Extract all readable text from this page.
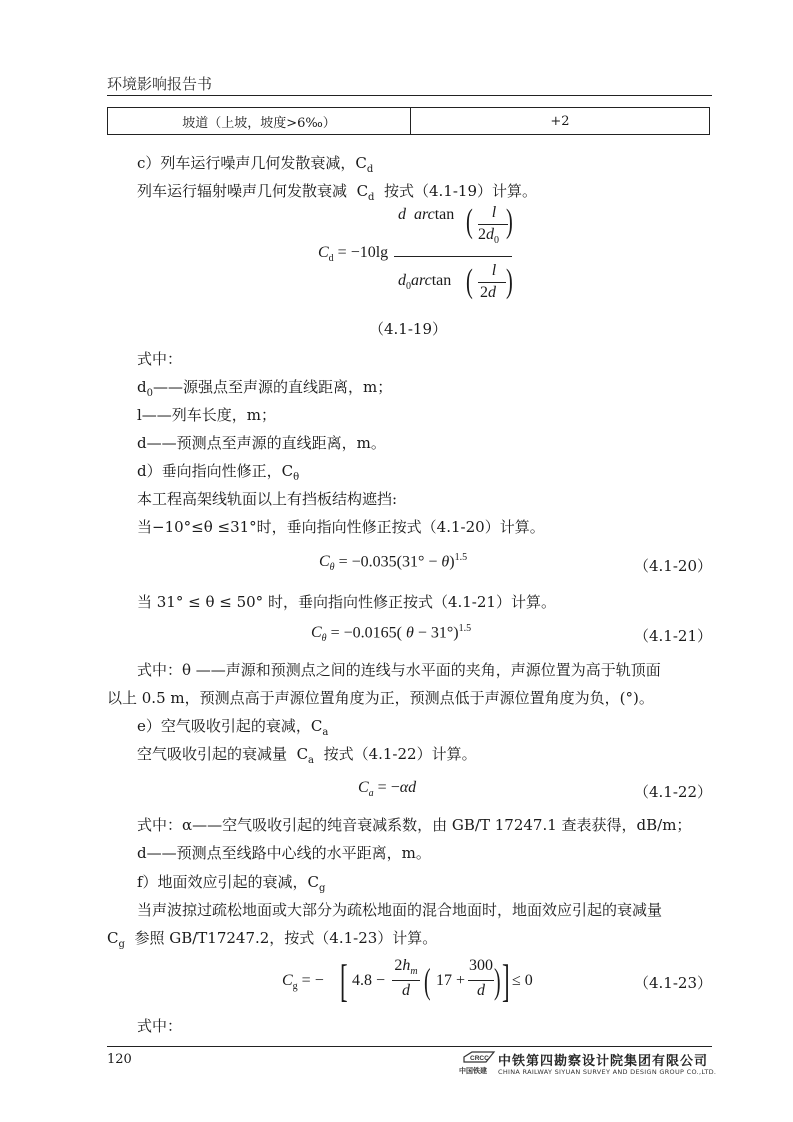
环境影响报告书
坡道（上坡，坡度>6‰）	+2
c）列车运行噪声几何发散衰减，$C_d$
列车运行辐射噪声几何发散衰减 $C_d$ 按式（4.1-19）计算。
$C_d = -10\lg$
d arctan (	l
$2d_0$
)
$d_0\arctan$ (	l
2d )
（4.1-19）
式中：
$d_0——$源强点至声源的直线距离，m；
l——列车长度，m；
d——预测点至声源的直线距离，m。
d）垂向指向性修正，$C_\theta$
本工程高架线轨面以上有挡板结构遮挡:
当−10°≤θ ≤31°时，垂向指向性修正按式（4.1-20）计算。
$C_\theta = -0.035(31^\circ - \theta)^{1.5}$	（4.1-20）
当 31° ≤ θ ≤ 50° 时，垂向指向性修正按式（4.1-21）计算。
$C_\theta = -0.0165$( θ − 31°)$^{1.5}$	（4.1-21）
式中：θ ——声源和预测点之间的连线与水平面的夹角，声源位置为高于轨顶面
以上 0.5 m，预测点高于声源位置角度为正，预测点低于声源位置角度为负，(°)。
e）空气吸收引起的衰减，$C_a$
空气吸收引起的衰减量 $C_a$ 按式（4.1-22）计算。
$C_a = -\alpha d$	（4.1-22）
式中：α——空气吸收引起的纯音衰减系数，由 GB/T 17247.1 查表获得，dB/m；
d——预测点至线路中心线的水平距离，m。
f）地面效应引起的衰减，$C_g$
当声波掠过疏松地面或大部分为疏松地面的混合地面时，地面效应引起的衰减量
$C_g$ 参照 GB/T17247.2，按式（4.1-23）计算。
$C_g$ = − [ 4.8 −
$2h_m$
d ( 17 +
300
d ) ] ≤ 0	（4.1-23）
式中：
120	CRCC
中国铁建
中铁第四勘察设计院集团有限公司
CHINA RAILWAY SIYUAN SURVEY AND DESIGN GROUP CO.,LTD.
